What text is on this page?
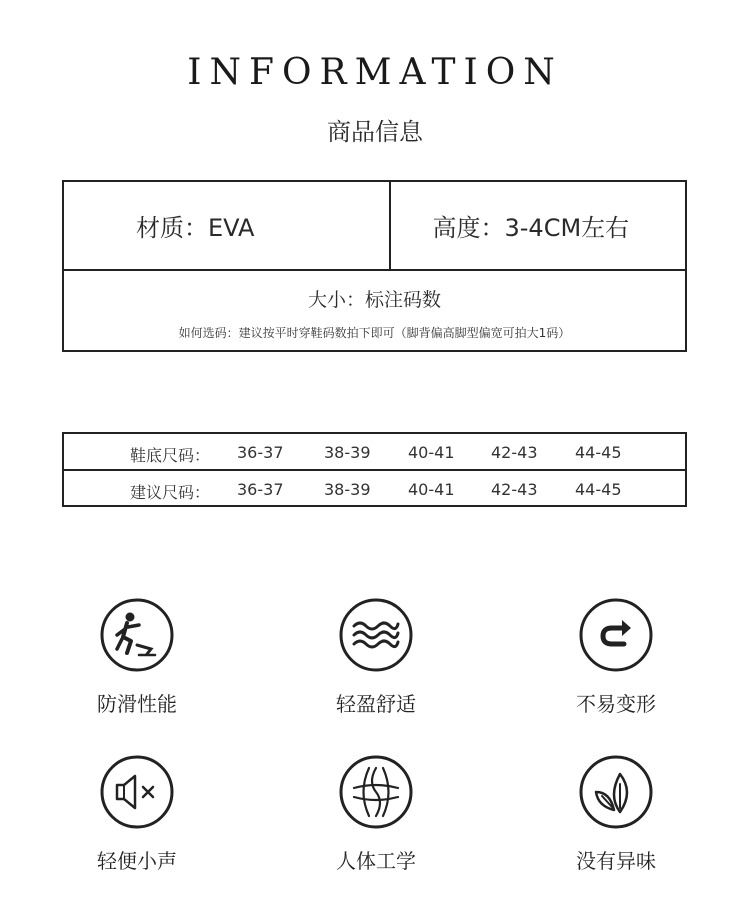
INFORMATION
商品信息
材质：EVA	高度：3-4CM左右
大小：标注码数
如何选码：建议按平时穿鞋码数拍下即可（脚背偏高脚型偏宽可拍大1码）
鞋底尺码： 36-37	38-39 40-41 42-43 44-45
建议尺码： 36-37	38-39 40-41 42-43 44-45
防滑性能	轻盈舒适	不易变形
轻便小声	人体工学	没有异味
